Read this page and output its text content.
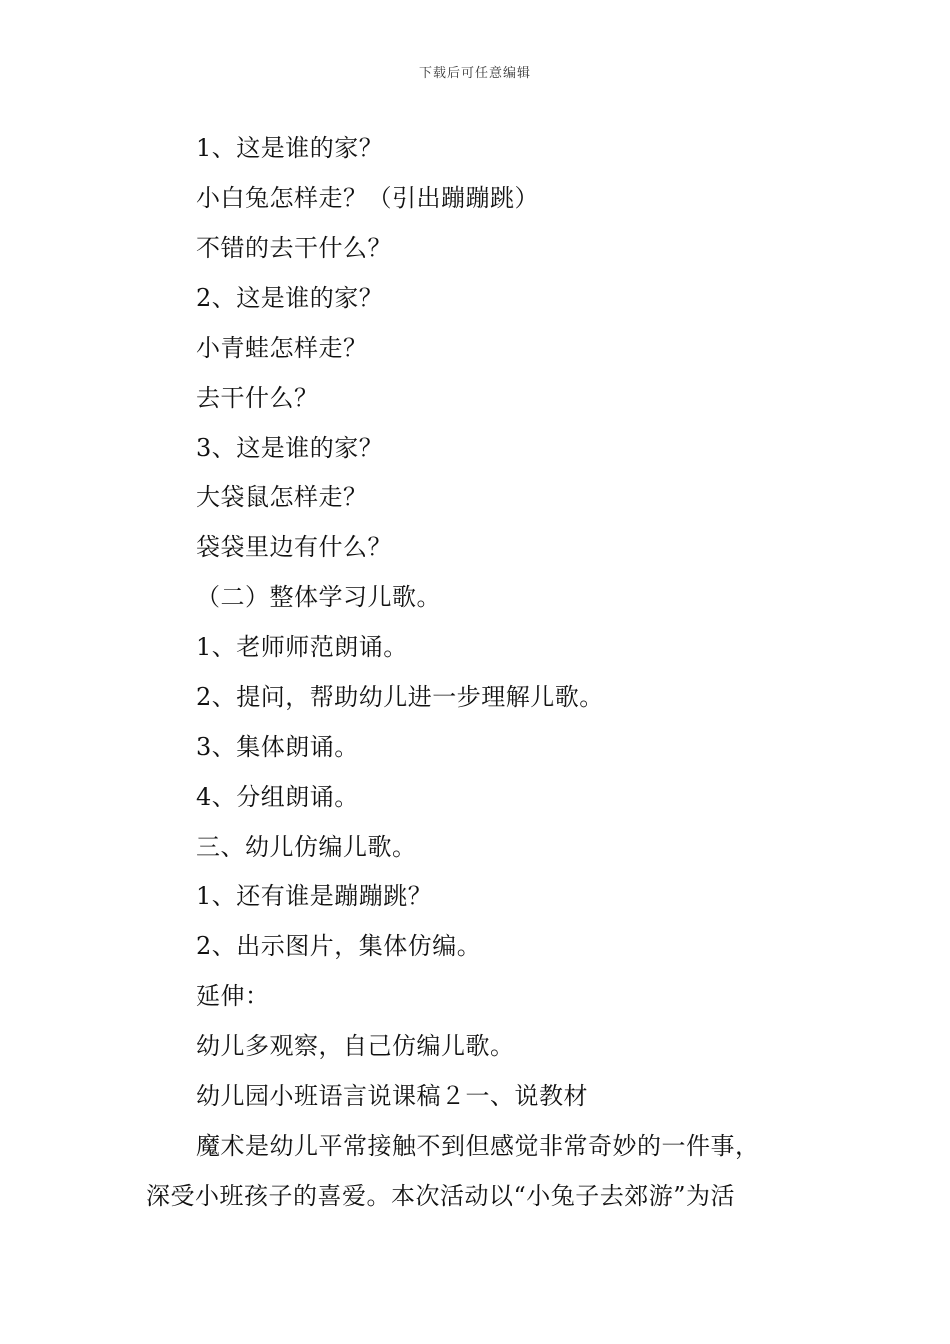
下载后可任意编辑
1、这是谁的家？
小白兔怎样走？（引出蹦蹦跳）
不错的去干什么？
2、这是谁的家？
小青蛙怎样走？
去干什么？
3、这是谁的家？
大袋鼠怎样走？
袋袋里边有什么？
（二）整体学习儿歌。
1、老师师范朗诵。
2、提问，帮助幼儿进一步理解儿歌。
3、集体朗诵。
4、分组朗诵。
三、幼儿仿编儿歌。
1、还有谁是蹦蹦跳？
2、出示图片，集体仿编。
延伸：
幼儿多观察，自己仿编儿歌。
幼儿园小班语言说课稿２一、说教材
魔术是幼儿平常接触不到但感觉非常奇妙的一件事，
深受小班孩子的喜爱。本次活动以“小兔子去郊游”为活
